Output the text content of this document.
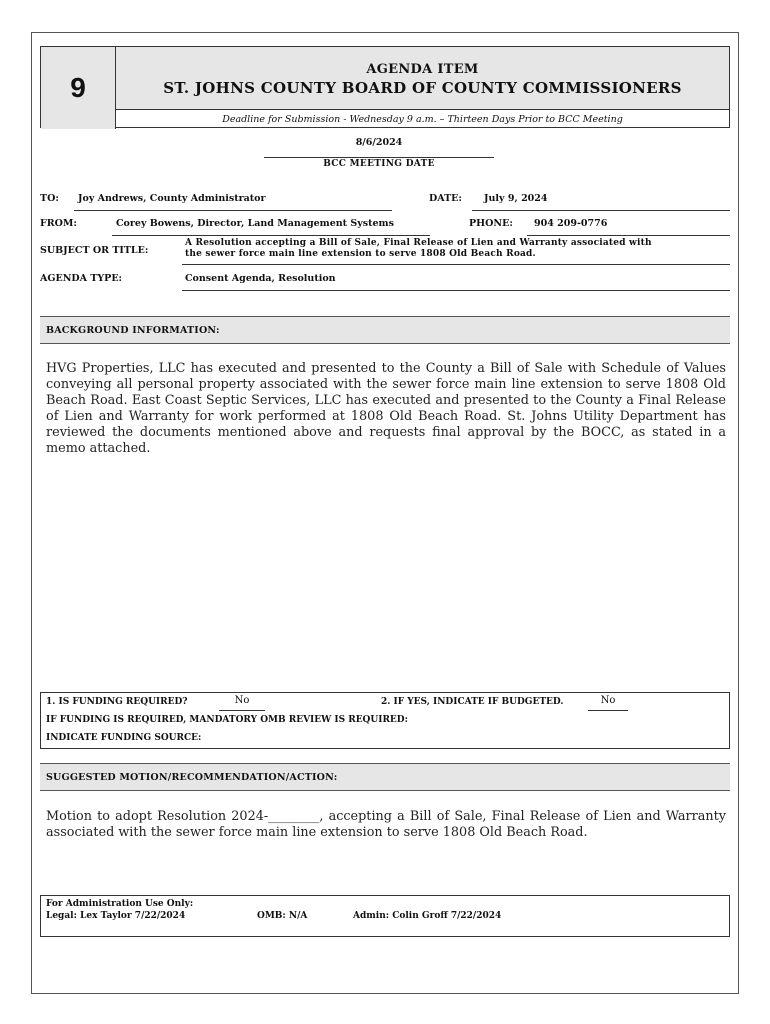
9
AGENDA ITEM
ST. JOHNS COUNTY BOARD OF COUNTY COMMISSIONERS
Deadline for Submission - Wednesday 9 a.m. – Thirteen Days Prior to BCC Meeting
8/6/2024
BCC MEETING DATE
TO: Joy Andrews, County Administrator	DATE: July 9, 2024
FROM:	Corey Bowens, Director, Land Management Systems	PHONE: 904 209-0776
SUBJECT OR TITLE:
A Resolution accepting a Bill of Sale, Final Release of Lien and Warranty associated with
the sewer force main line extension to serve 1808 Old Beach Road.
AGENDA TYPE:	Consent Agenda, Resolution
BACKGROUND INFORMATION:
HVG Properties, LLC has executed and presented to the County a Bill of Sale with Schedule of Values conveying all personal property associated with the sewer force main line extension to serve 1808 Old Beach Road. East Coast Septic Services, LLC has executed and presented to the County a Final Release of Lien and Warranty for work performed at 1808 Old Beach Road. St. Johns Utility Department has reviewed the documents mentioned above and requests final approval by the BOCC, as stated in a memo attached.
1. IS FUNDING REQUIRED?	No	2. IF YES, INDICATE IF BUDGETED.	No
IF FUNDING IS REQUIRED, MANDATORY OMB REVIEW IS REQUIRED:
INDICATE FUNDING SOURCE:
SUGGESTED MOTION/RECOMMENDATION/ACTION:
Motion to adopt Resolution 2024-________, accepting a Bill of Sale, Final Release of Lien and Warranty associated with the sewer force main line extension to serve 1808 Old Beach Road.
For Administration Use Only:
Legal: Lex Taylor 7/22/2024	OMB: N/A	Admin: Colin Groff 7/22/2024
